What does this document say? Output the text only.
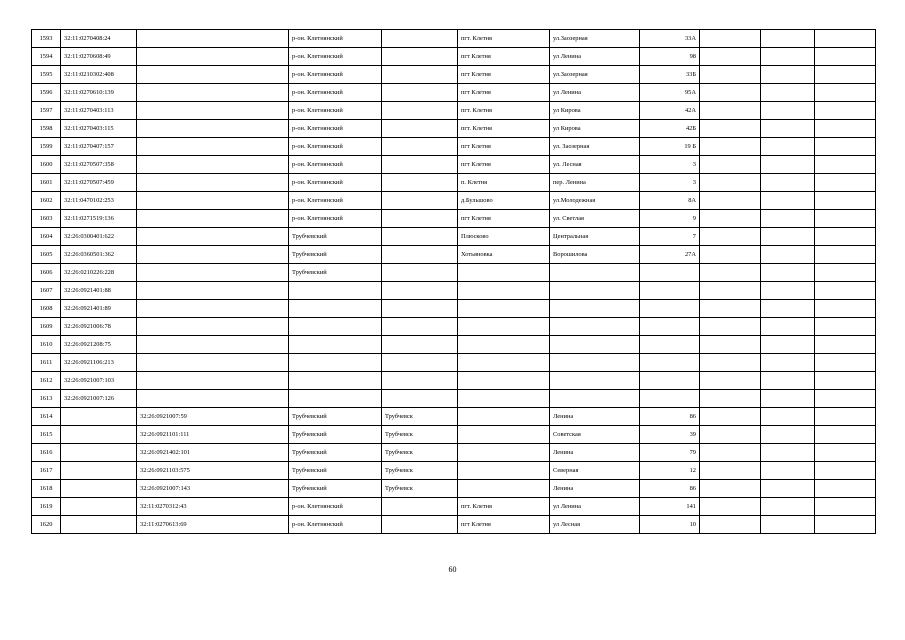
1593	32:11:0270408:24		р-он. Клетнянский		пгт. Клетня	ул.Заозерная	33А			
1594	32:11:0270608:49		р-он. Клетнянский		пгт Клетня	ул Ленина	98			
1595	32:11:0210302:408		р-он. Клетнянский		пгт Клетня	ул.Заозерная	33Б			
1596	32:11:0270610:139		р-он. Клетнянский		пгт Клетня	ул Ленина	95А			
1597	32:11:0270403:113		р-он. Клетнянский		пгт. Клетня	ул Кирова	42А			
1598	32:11:0270403:115		р-он. Клетнянский		пгт. Клетня	ул Кирова	42Б			
1599	32:11:0270407:157		р-он. Клетнянский		пгт Клетня	ул. Заозерная	19 Б			
1600	32:11:0270507:358		р-он. Клетнянский		пгт Клетня	ул. Лесная	3			
1601	32:11:0270507:459		р-он. Клетнянский		п. Клетня	пер. Ленина	3			
1602	32:11:0470102:253		р-он. Клетнянский		д.Бульшово	ул.Молодежная	8А			
1603	32:11:0271519:136		р-он. Клетнянский		пгт Клетня	ул. Светлая	9			
1604	32:26:0300401:622		Трубчевский		Плюсково	Центральная	7			
1605	32:26:0360501:362		Трубчевский		Хотьяновка	Ворошилова	27А			
1606	32:26:0210226:228		Трубчевский							
1607	32:26:0921401:88									
1608	32:26:0921401:89									
1609	32:26:0921006:78									
1610	32:26:0921208:75									
1611	32:26:0921106:213									
1612	32:26:0921007:103									
1613	32:26:0921007:126									
1614		32:26:0921007:59	Трубчевский	Трубчевск		Ленина	86			
1615		32:26:0921101:111	Трубчевский	Трубчевск		Советская	39			
1616		32:26:0921402:101	Трубчевский	Трубчевск		Ленина	79			
1617		32:26:0921103:575	Трубчевский	Трубчевск		Северная	12			
1618		32:26:0921007:143	Трубчевский	Трубчевск		Ленина	86			
1619		32:11:0270312:43	р-он. Клетнянский		пгт. Клетня	ул Ленина	141			
1620		32:11:0270613:69	р-он. Клетнянский		пгт Клетня	ул Лесная	10			
60
